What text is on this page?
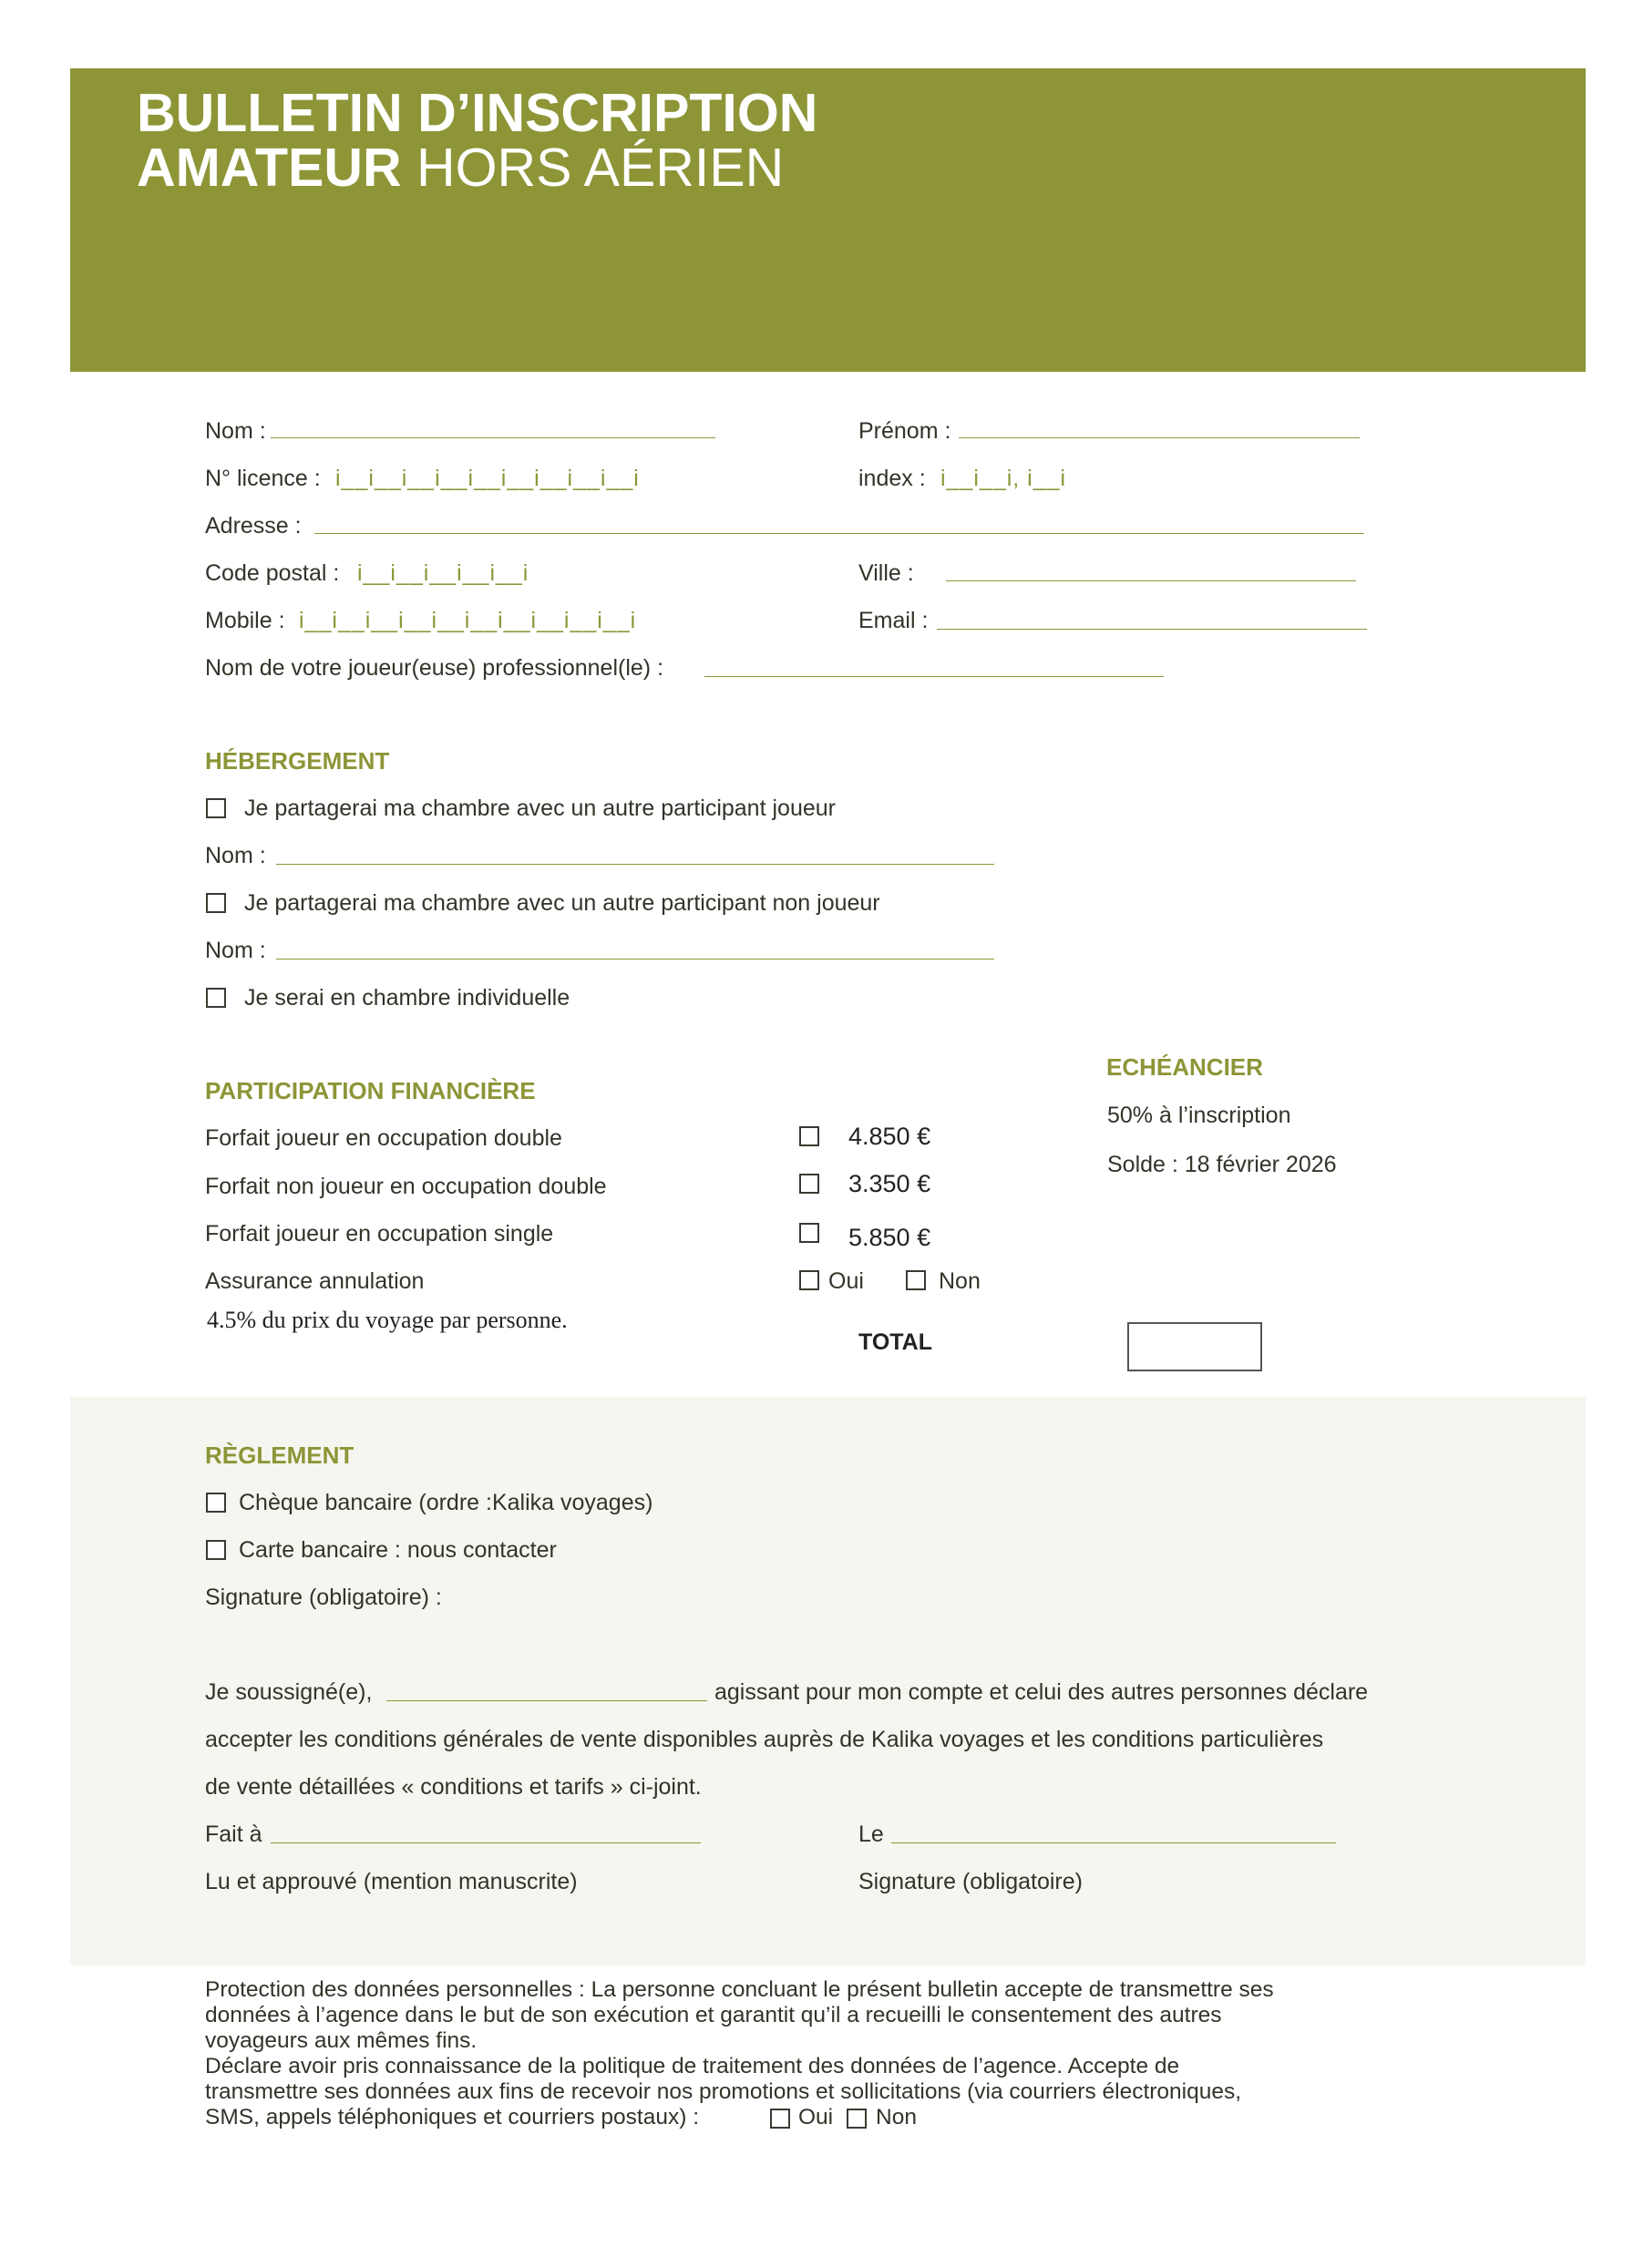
BULLETIN D’INSCRIPTION
AMATEUR HORS AÉRIEN
Nom :	Prénom :
N° licence : i__i__i__i__i__i__i__i__i__i	index : i__i__i, i__i
Adresse :
Code postal : i__i__i__i__i__i	Ville :
Mobile : i__i__i__i__i__i__i__i__i__i__i	Email :
Nom de votre joueur(euse) professionnel(le) :
HÉBERGEMENT
Je partagerai ma chambre avec un autre participant joueur
Nom :
Je partagerai ma chambre avec un autre participant non joueur
Nom :
Je serai en chambre individuelle
PARTICIPATION FINANCIÈRE
Forfait joueur en occupation double	4.850 €
Forfait non joueur en occupation double	3.350 €
Forfait joueur en occupation single	5.850 €
Assurance annulation	Oui	Non
4.5% du prix du voyage par personne.
TOTAL
ECHÉANCIER
50% à l’inscription
Solde : 18 février 2026
RÈGLEMENT
Chèque bancaire (ordre :Kalika voyages)
Carte bancaire : nous contacter
Signature (obligatoire) :
Je soussigné(e),	agissant pour mon compte et celui des autres personnes déclare
accepter les conditions générales de vente disponibles auprès de Kalika voyages et les conditions particulières
de vente détaillées « conditions et tarifs » ci-joint.
Fait à	Le
Lu et approuvé (mention manuscrite)	Signature (obligatoire)
Protection des données personnelles : La personne concluant le présent bulletin accepte de transmettre ses
données à l’agence dans le but de son exécution et garantit qu’il a recueilli le consentement des autres
voyageurs aux mêmes fins.
Déclare avoir pris connaissance de la politique de traitement des données de l’agence. Accepte de
transmettre ses données aux fins de recevoir nos promotions et sollicitations (via courriers électroniques,
SMS, appels téléphoniques et courriers postaux) :	Oui	Non
